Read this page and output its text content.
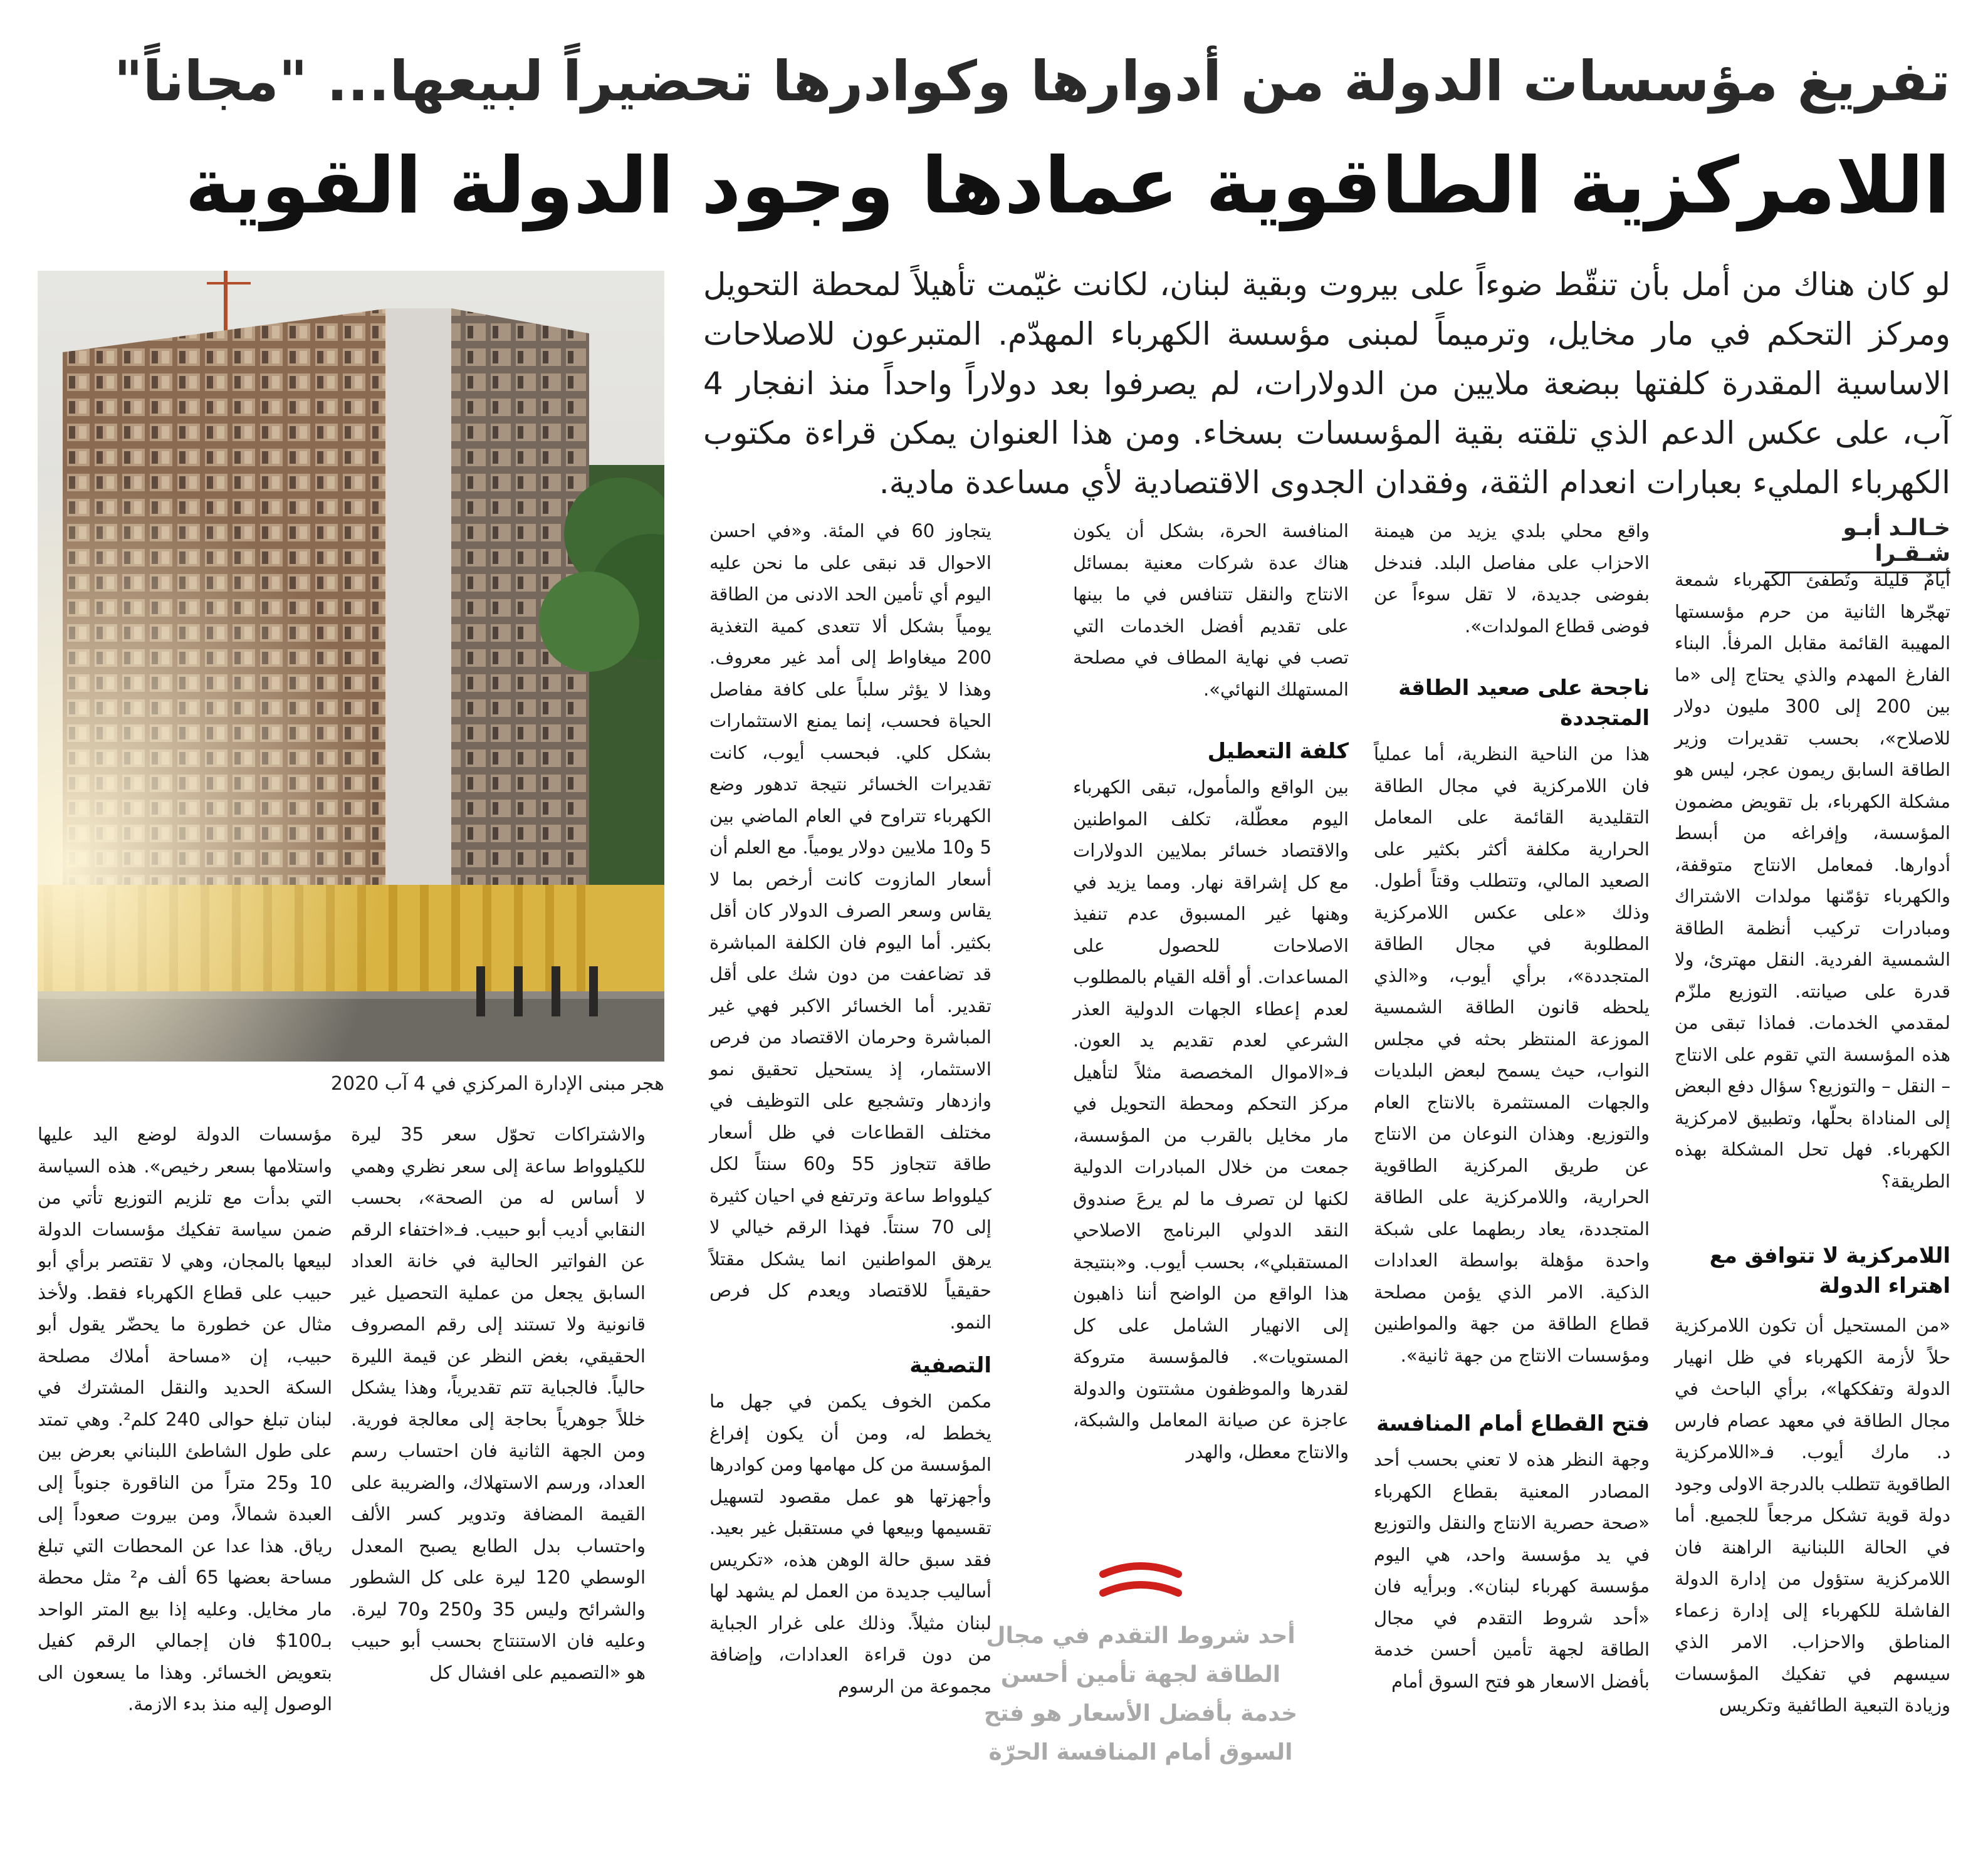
تفريغ مؤسسات الدولة من أدوارها وكوادرها تحضيراً لبيعها... "مجاناً"
اللامركزية الطاقوية عمادها وجود الدولة القوية

لو كان هناك من أمل بأن تنقّط ضوءاً على بيروت وبقية لبنان، لكانت غيّمت تأهيلاً لمحطة التحويل ومركز التحكم في مار مخايل، وترميماً لمبنى مؤسسة الكهرباء المهدّم. المتبرعون للاصلاحات الاساسية المقدرة كلفتها ببضعة ملايين من الدولارات، لم يصرفوا بعد دولاراً واحداً منذ انفجار 4 آب، على عكس الدعم الذي تلقته بقية المؤسسات بسخاء. ومن هذا العنوان يمكن قراءة مكتوب الكهرباء المليء بعبارات انعدام الثقة، وفقدان الجدوى الاقتصادية لأي مساعدة مادية.

هجر مبنى الإدارة المركزي في 4 آب 2020

خـالـد أبـو شـقـرا

أيامٌ قليلة وتُطفئ الكهرباء شمعة تهجّرها الثانية من حرم مؤسستها المهيبة القائمة مقابل المرفأ. البناء الفارغ المهدم والذي يحتاج إلى «ما بين 200 إلى 300 مليون دولار للاصلاح»، بحسب تقديرات وزير الطاقة السابق ريمون عجر، ليس هو مشكلة الكهرباء، بل تقويض مضمون المؤسسة، وإفراغه من أبسط أدوارها. فمعامل الانتاج متوقفة، والكهرباء تؤمّنها مولدات الاشتراك ومبادرات تركيب أنظمة الطاقة الشمسية الفردية. النقل مهترئ، ولا قدرة على صيانته. التوزيع ملزّم لمقدمي الخدمات. فماذا تبقى من هذه المؤسسة التي تقوم على الانتاج – النقل – والتوزيع؟ سؤال دفع البعض إلى المناداة بحلّها، وتطبيق لامركزية الكهرباء. فهل تحل المشكلة بهذه الطريقة؟

اللامركزية لا تتوافق مع اهتراء الدولة

«من المستحيل أن تكون اللامركزية حلاً لأزمة الكهرباء في ظل انهيار الدولة وتفككها»، برأي الباحث في مجال الطاقة في معهد عصام فارس د. مارك أيوب. فـ«اللامركزية الطاقوية تتطلب بالدرجة الاولى وجود دولة قوية تشكل مرجعاً للجميع. أما في الحالة اللبنانية الراهنة فان اللامركزية ستؤول من إدارة الدولة الفاشلة للكهرباء إلى إدارة زعماء المناطق والاحزاب. الامر الذي سيسهم في تفكيك المؤسسات وزيادة التبعية الطائفية وتكريس

واقع محلي بلدي يزيد من هيمنة الاحزاب على مفاصل البلد. فندخل بفوضى جديدة، لا تقل سوءاً عن فوضى قطاع المولدات».

ناجحة على صعيد الطاقة المتجددة

هذا من الناحية النظرية، أما عملياً فان اللامركزية في مجال الطاقة التقليدية القائمة على المعامل الحرارية مكلفة أكثر بكثير على الصعيد المالي، وتتطلب وقتاً أطول. وذلك «على عكس اللامركزية المطلوبة في مجال الطاقة المتجددة»، برأي أيوب، و«الذي يلحظه قانون الطاقة الشمسية الموزعة المنتظر بحثه في مجلس النواب، حيث يسمح لبعض البلديات والجهات المستثمرة بالانتاج العام والتوزيع. وهذان النوعان من الانتاج عن طريق المركزية الطاقوية الحرارية، واللامركزية على الطاقة المتجددة، يعاد ربطهما على شبكة واحدة مؤهلة بواسطة العدادات الذكية. الامر الذي يؤمن مصلحة قطاع الطاقة من جهة والمواطنين ومؤسسات الانتاج من جهة ثانية».

فتح القطاع أمام المنافسة

وجهة النظر هذه لا تعني بحسب أحد المصادر المعنية بقطاع الكهرباء «صحة حصرية الانتاج والنقل والتوزيع في يد مؤسسة واحد، هي اليوم مؤسسة كهرباء لبنان». وبرأيه فان «أحد شروط التقدم في مجال الطاقة لجهة تأمين أحسن خدمة بأفضل الاسعار هو فتح السوق أمام

المنافسة الحرة، بشكل أن يكون هناك عدة شركات معنية بمسائل الانتاج والنقل تتنافس في ما بينها على تقديم أفضل الخدمات التي تصب في نهاية المطاف في مصلحة المستهلك النهائي».

كلفة التعطيل

بين الواقع والمأمول، تبقى الكهرباء اليوم معطّلة، تكلف المواطنين والاقتصاد خسائر بملايين الدولارات مع كل إشراقة نهار. ومما يزيد في وهنها غير المسبوق عدم تنفيذ الاصلاحات للحصول على المساعدات. أو أقله القيام بالمطلوب لعدم إعطاء الجهات الدولية العذر الشرعي لعدم تقديم يد العون. فـ«الاموال المخصصة مثلاً لتأهيل مركز التحكم ومحطة التحويل في مار مخايل بالقرب من المؤسسة، جمعت من خلال المبادرات الدولية لكنها لن تصرف ما لم يرعَ صندوق النقد الدولي البرنامج الاصلاحي المستقبلي»، بحسب أيوب. و«بنتيجة هذا الواقع من الواضح أننا ذاهبون إلى الانهيار الشامل على كل المستويات». فالمؤسسة متروكة لقدرها والموظفون مشتتون والدولة عاجزة عن صيانة المعامل والشبكة، والانتاج معطل، والهدر

أحد شروط التقدم في مجال الطاقة لجهة تأمين أحسن خدمة بأفضل الأسعار هو فتح السوق أمام المنافسة الحرّة

يتجاوز 60 في المئة. و«في احسن الاحوال قد نبقى على ما نحن عليه اليوم أي تأمين الحد الادنى من الطاقة يومياً بشكل ألا تتعدى كمية التغذية 200 ميغاواط إلى أمد غير معروف. وهذا لا يؤثر سلباً على كافة مفاصل الحياة فحسب، إنما يمنع الاستثمارات بشكل كلي. فبحسب أيوب، كانت تقديرات الخسائر نتيجة تدهور وضع الكهرباء تتراوح في العام الماضي بين 5 و10 ملايين دولار يومياً. مع العلم أن أسعار المازوت كانت أرخص بما لا يقاس وسعر الصرف الدولار كان أقل بكثير. أما اليوم فان الكلفة المباشرة قد تضاعفت من دون شك على أقل تقدير. أما الخسائر الاكبر فهي غير المباشرة وحرمان الاقتصاد من فرص الاستثمار، إذ يستحيل تحقيق نمو وازدهار وتشجيع على التوظيف في مختلف القطاعات في ظل أسعار طاقة تتجاوز 55 و60 سنتاً لكل كيلوواط ساعة وترتفع في احيان كثيرة إلى 70 سنتاً. فهذا الرقم خيالي لا يرهق المواطنين انما يشكل مقتلاً حقيقياً للاقتصاد ويعدم كل فرص النمو.

التصفية

مكمن الخوف يكمن في جهل ما يخطط له، ومن أن يكون إفراغ المؤسسة من كل مهامها ومن كوادرها وأجهزتها هو عمل مقصود لتسهيل تقسيمها وبيعها في مستقبل غير بعيد. فقد سبق حالة الوهن هذه، «تكريس أساليب جديدة من العمل لم يشهد لها لبنان مثيلاً. وذلك على غرار الجباية من دون قراءة العدادات، وإضافة مجموعة من الرسوم

والاشتراكات تحوّل سعر 35 ليرة للكيلوواط ساعة إلى سعر نظري وهمي لا أساس له من الصحة»، بحسب النقابي أديب أبو حبيب. فـ«اختفاء الرقم عن الفواتير الحالية في خانة العداد السابق يجعل من عملية التحصيل غير قانونية ولا تستند إلى رقم المصروف الحقيقي، بغض النظر عن قيمة الليرة حالياً. فالجباية تتم تقديرياً، وهذا يشكل خللاً جوهرياً بحاجة إلى معالجة فورية. ومن الجهة الثانية فان احتساب رسم العداد، ورسم الاستهلاك، والضريبة على القيمة المضافة وتدوير كسر الألف واحتساب بدل الطابع يصبح المعدل الوسطي 120 ليرة على كل الشطور والشرائح وليس 35 و250 و70 ليرة. وعليه فان الاستنتاج بحسب أبو حبيب هو «التصميم على افشال كل

مؤسسات الدولة لوضع اليد عليها واستلامها بسعر رخيص». هذه السياسة التي بدأت مع تلزيم التوزيع تأتي من ضمن سياسة تفكيك مؤسسات الدولة لبيعها بالمجان، وهي لا تقتصر برأي أبو حبيب على قطاع الكهرباء فقط. ولأخذ مثال عن خطورة ما يحضّر يقول أبو حبيب، إن «مساحة أملاك مصلحة السكة الحديد والنقل المشترك في لبنان تبلغ حوالى 240 كلم². وهي تمتد على طول الشاطئ اللبناني بعرض بين 10 و25 متراً من الناقورة جنوباً إلى العبدة شمالاً، ومن بيروت صعوداً إلى رياق. هذا عدا عن المحطات التي تبلغ مساحة بعضها 65 ألف م² مثل محطة مار مخايل. وعليه إذا بيع المتر الواحد بـ100$ فان إجمالي الرقم كفيل بتعويض الخسائر. وهذا ما يسعون الى الوصول إليه منذ بدء الازمة.
